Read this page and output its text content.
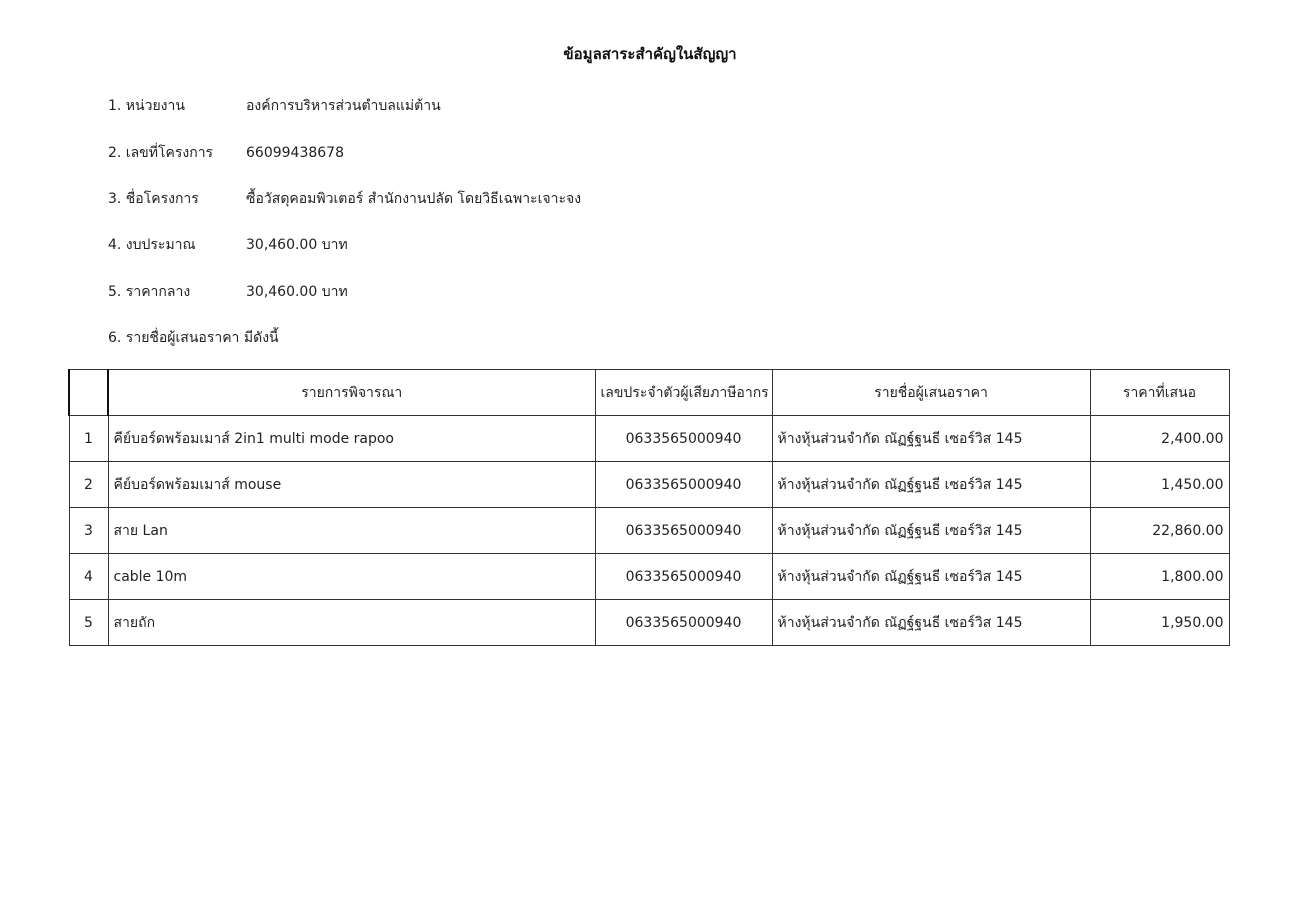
ข้อมูลสาระสำคัญในสัญญา
1. หน่วยงาน	องค์การบริหารส่วนตำบลแม่ต้าน
2. เลขที่โครงการ 66099438678
3. ชื่อโครงการ	ซื้อวัสดุคอมพิวเตอร์ สำนักงานปลัด โดยวิธีเฉพาะเจาะจง
4. งบประมาณ	30,460.00 บาท
5. ราคากลาง	30,460.00 บาท
6. รายชื่อผู้เสนอราคา มีดังนี้
	รายการพิจารณา	เลขประจำตัวผู้เสียภาษีอากร	รายชื่อผู้เสนอราคา	ราคาที่เสนอ
1	คีย์บอร์ดพร้อมเมาส์ 2in1 multi mode rapoo	0633565000940	ห้างหุ้นส่วนจำกัด ณัฏฐ์ฐนธี เซอร์วิส 145	2,400.00
2	คีย์บอร์ดพร้อมเมาส์ mouse	0633565000940	ห้างหุ้นส่วนจำกัด ณัฏฐ์ฐนธี เซอร์วิส 145	1,450.00
3	สาย Lan	0633565000940	ห้างหุ้นส่วนจำกัด ณัฏฐ์ฐนธี เซอร์วิส 145	22,860.00
4	cable 10m	0633565000940	ห้างหุ้นส่วนจำกัด ณัฏฐ์ฐนธี เซอร์วิส 145	1,800.00
5	สายถัก	0633565000940	ห้างหุ้นส่วนจำกัด ณัฏฐ์ฐนธี เซอร์วิส 145	1,950.00
